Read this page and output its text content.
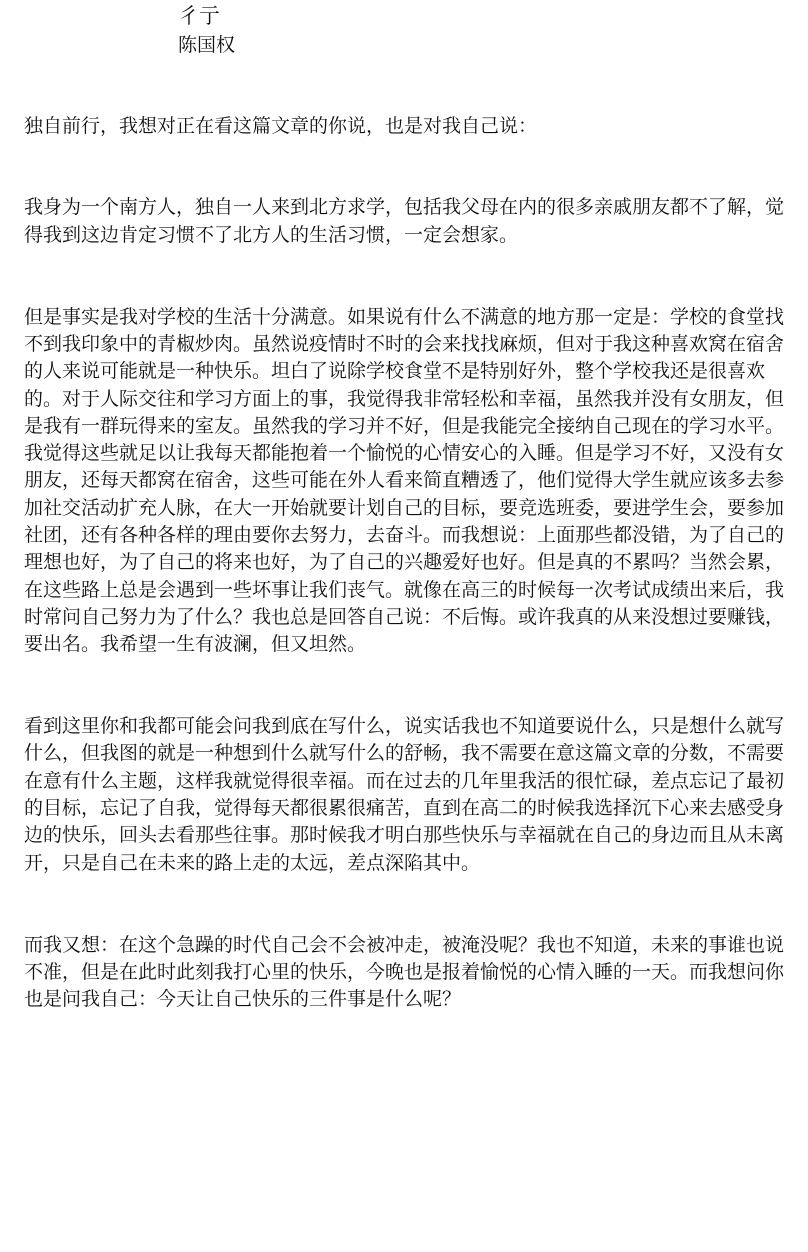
彳亍
陈国权

独自前行，我想对正在看这篇文章的你说，也是对我自己说：

我身为一个南方人，独自一人来到北方求学，包括我父母在内的很多亲戚朋友都不了解，觉得我到这边肯定习惯不了北方人的生活习惯，一定会想家。

但是事实是我对学校的生活十分满意。如果说有什么不满意的地方那一定是：学校的食堂找不到我印象中的青椒炒肉。虽然说疫情时不时的会来找找麻烦，但对于我这种喜欢窝在宿舍的人来说可能就是一种快乐。坦白了说除学校食堂不是特别好外，整个学校我还是很喜欢的。对于人际交往和学习方面上的事，我觉得我非常轻松和幸福，虽然我并没有女朋友，但是我有一群玩得来的室友。虽然我的学习并不好，但是我能完全接纳自己现在的学习水平。我觉得这些就足以让我每天都能抱着一个愉悦的心情安心的入睡。但是学习不好，又没有女朋友，还每天都窝在宿舍，这些可能在外人看来简直糟透了，他们觉得大学生就应该多去参加社交活动扩充人脉，在大一开始就要计划自己的目标，要竞选班委，要进学生会，要参加社团，还有各种各样的理由要你去努力，去奋斗。而我想说：上面那些都没错，为了自己的理想也好，为了自己的将来也好，为了自己的兴趣爱好也好。但是真的不累吗？当然会累，在这些路上总是会遇到一些坏事让我们丧气。就像在高三的时候每一次考试成绩出来后，我时常问自己努力为了什么？我也总是回答自己说：不后悔。或许我真的从来没想过要赚钱，要出名。我希望一生有波澜，但又坦然。

看到这里你和我都可能会问我到底在写什么，说实话我也不知道要说什么，只是想什么就写什么，但我图的就是一种想到什么就写什么的舒畅，我不需要在意这篇文章的分数，不需要在意有什么主题，这样我就觉得很幸福。而在过去的几年里我活的很忙碌，差点忘记了最初的目标，忘记了自我，觉得每天都很累很痛苦，直到在高二的时候我选择沉下心来去感受身边的快乐，回头去看那些往事。那时候我才明白那些快乐与幸福就在自己的身边而且从未离开，只是自己在未来的路上走的太远，差点深陷其中。

而我又想：在这个急躁的时代自己会不会被冲走，被淹没呢？我也不知道，未来的事谁也说不准，但是在此时此刻我打心里的快乐，今晚也是报着愉悦的心情入睡的一天。而我想问你也是问我自己：今天让自己快乐的三件事是什么呢？
